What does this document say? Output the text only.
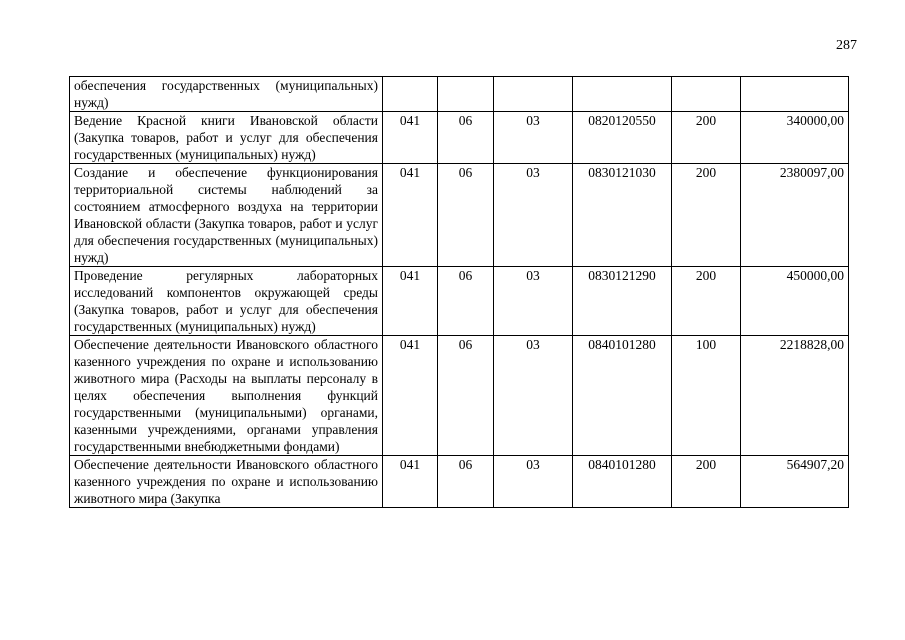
287
обеспечения государственных (муниципальных) нужд)						
Ведение Красной книги Ивановской области (Закупка товаров, работ и услуг для обеспечения государственных (муниципальных) нужд)	041	06	03	0820120550	200	340000,00
Создание и обеспечение функционирования территориальной системы наблюдений за состоянием атмосферного воздуха на территории Ивановской области (Закупка товаров, работ и услуг для обеспечения государственных (муниципальных) нужд)	041	06	03	0830121030	200	2380097,00
Проведение регулярных лабораторных исследований компонентов окружающей среды (Закупка товаров, работ и услуг для обеспечения государственных (муниципальных) нужд)	041	06	03	0830121290	200	450000,00
Обеспечение деятельности Ивановского областного казенного учреждения по охране и использованию животного мира (Расходы на выплаты персоналу в целях обеспечения выполнения функций государственными (муниципальными) органами, казенными учреждениями, органами управления государственными внебюджетными фондами)	041	06	03	0840101280	100	2218828,00
Обеспечение деятельности Ивановского областного казенного учреждения по охране и использованию животного мира (Закупка	041	06	03	0840101280	200	564907,20
